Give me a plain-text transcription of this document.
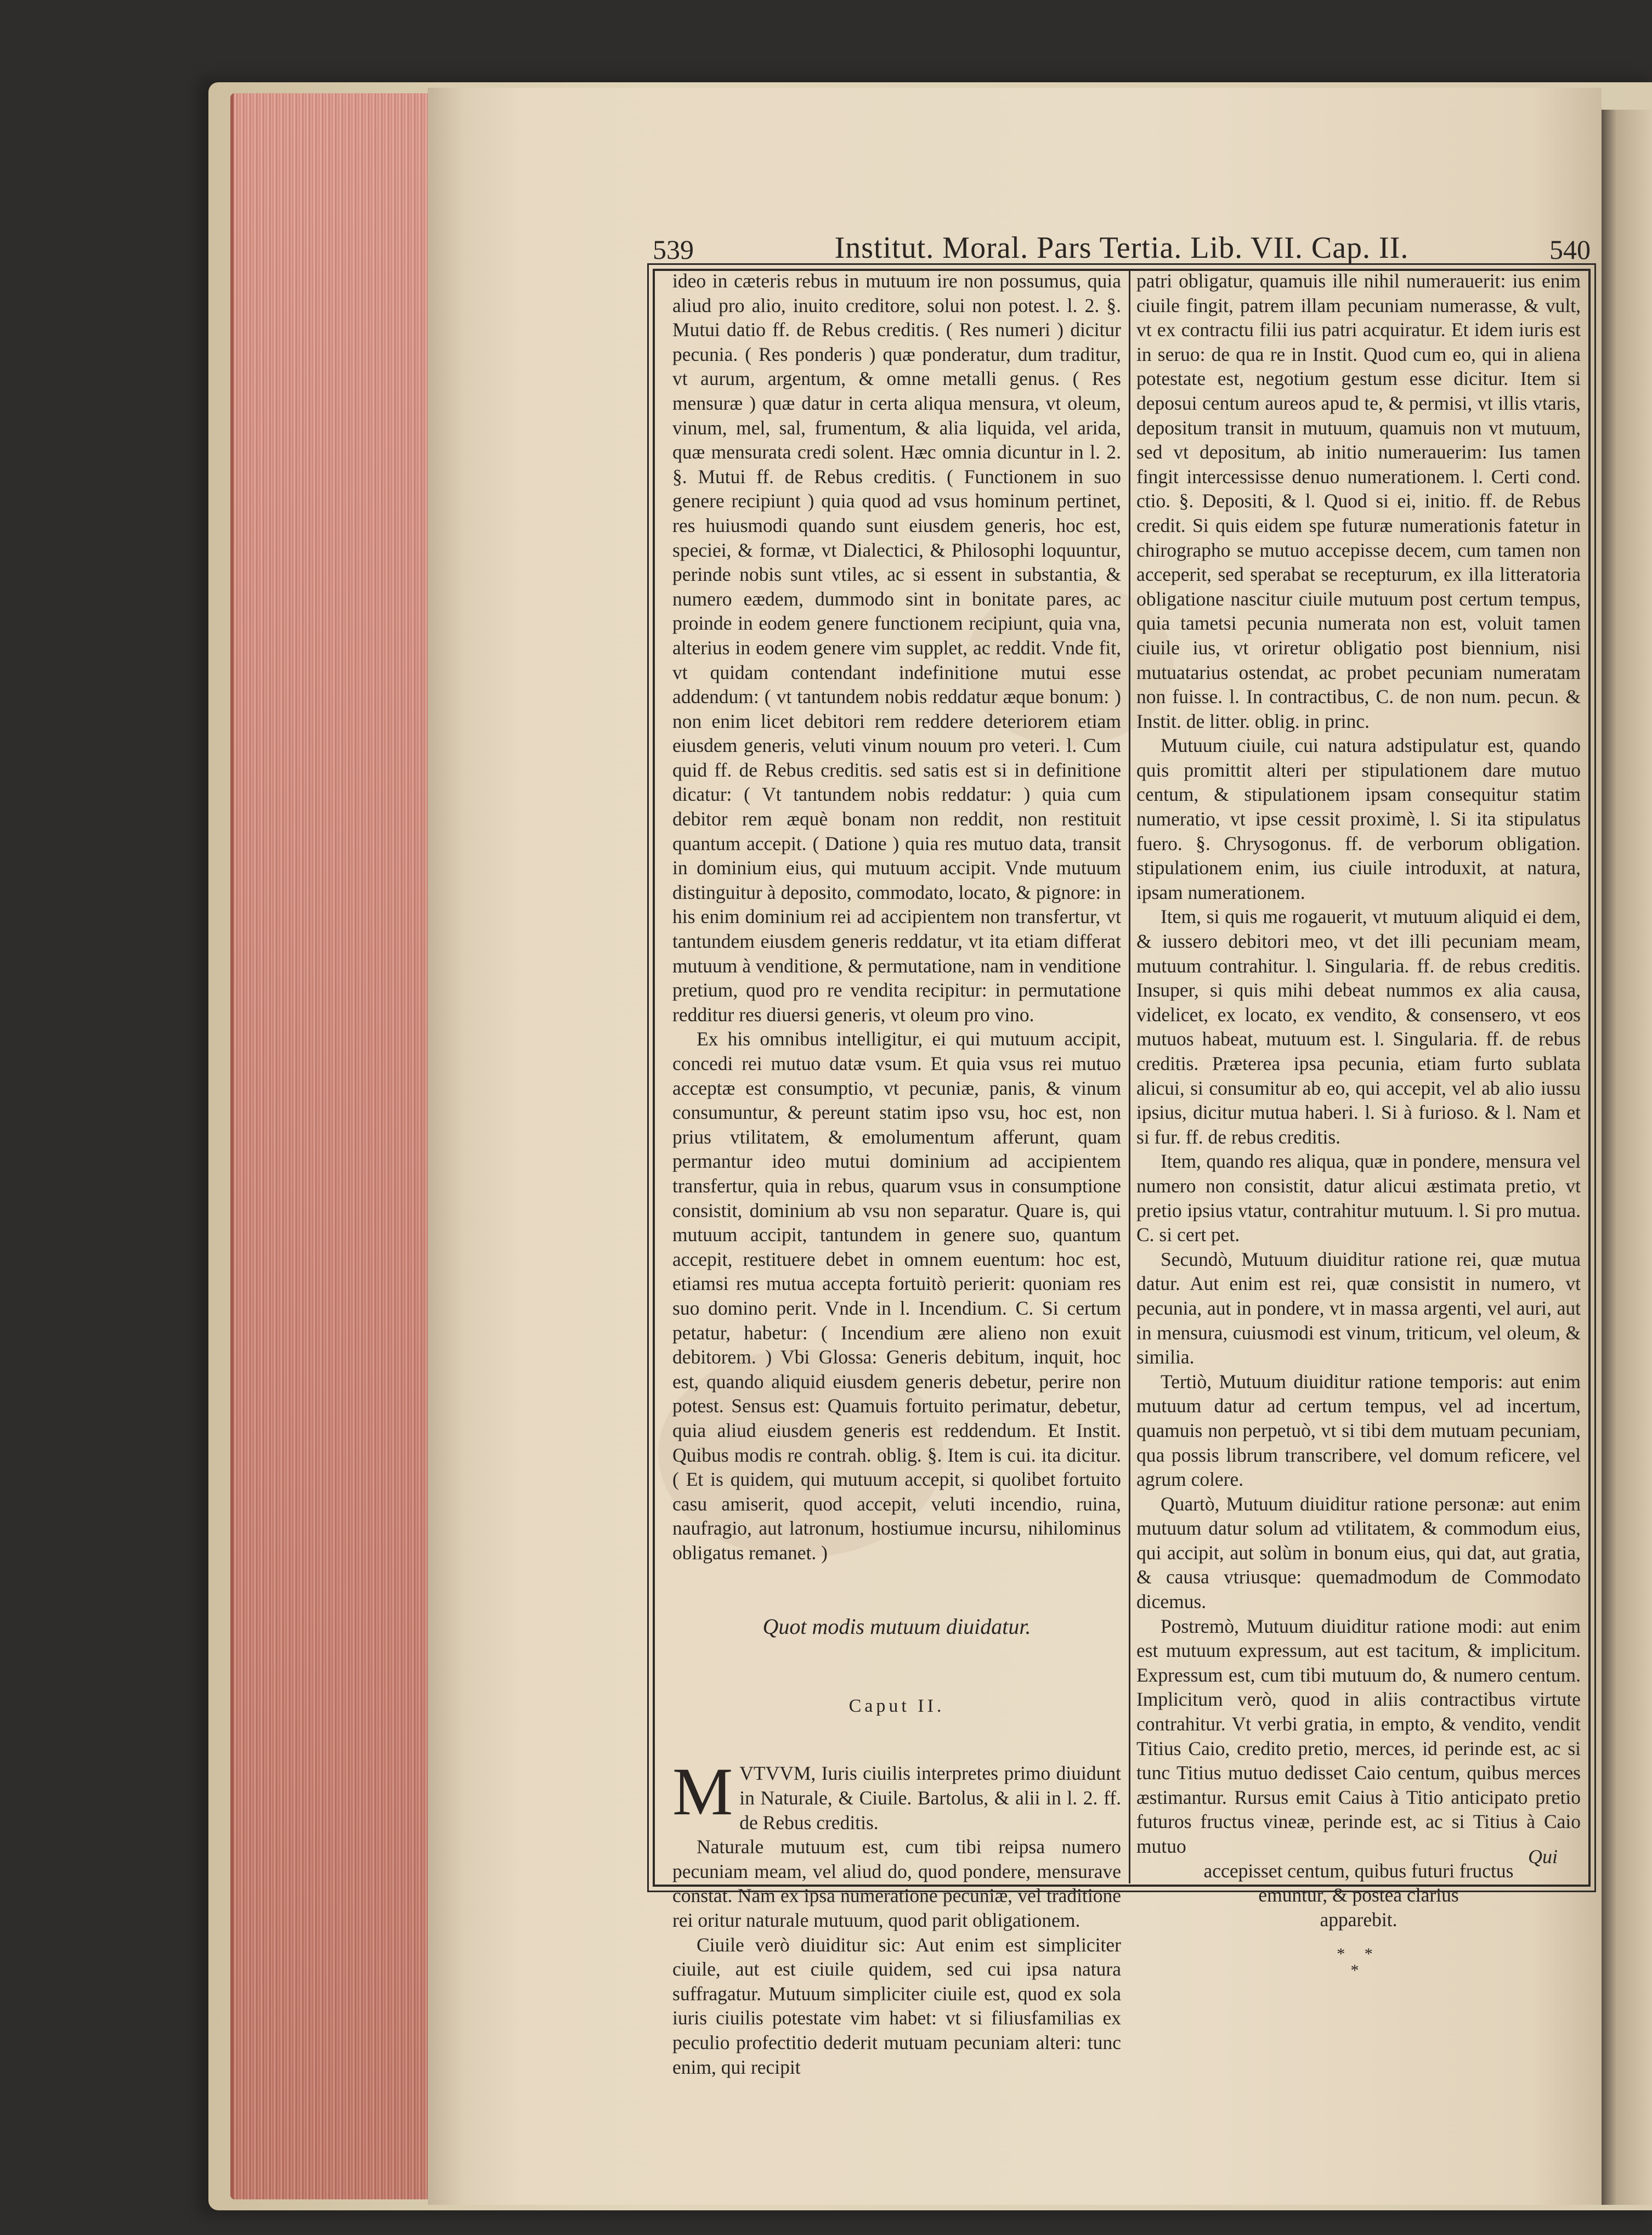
539	Institut. Moral. Pars Tertia. Lib. VII. Cap. II.	540

ideo in cæteris rebus in mutuum ire non possumus, quia aliud pro alio, inuito creditore, solui non potest. l. 2. §. Mutui datio ff. de Rebus creditis. ( Res numeri ) dicitur pecunia. ( Res ponderis ) quæ ponderatur, dum traditur, vt aurum, argentum, & omne metalli genus. ( Res mensuræ ) quæ datur in certa aliqua mensura, vt oleum, vinum, mel, sal, frumentum, & alia liquida, vel arida, quæ mensurata credi solent. Hæc omnia dicuntur in l. 2. §. Mutui ff. de Rebus creditis. ( Functionem in suo genere recipiunt ) quia quod ad vsus hominum pertinet, res huiusmodi quando sunt eiusdem generis, hoc est, speciei, & formæ, vt Dialectici, & Philosophi loquuntur, perinde nobis sunt vtiles, ac si essent in substantia, & numero eædem, dummodo sint in bonitate pares, ac proinde in eodem genere functionem recipiunt, quia vna, alterius in eodem genere vim supplet, ac reddit. Vnde fit, vt quidam contendant indefinitione mutui esse addendum: ( vt tantundem nobis reddatur æque bonum: ) non enim licet debitori rem reddere deteriorem etiam eiusdem generis, veluti vinum nouum pro veteri. l. Cum quid ff. de Rebus creditis. sed satis est si in definitione dicatur: ( Vt tantundem nobis reddatur: ) quia cum debitor rem æquè bonam non reddit, non restituit quantum accepit. ( Datione ) quia res mutuo data, transit in dominium eius, qui mutuum accipit. Vnde mutuum distinguitur à deposito, commodato, locato, & pignore: in his enim dominium rei ad accipientem non transfertur, vt tantundem eiusdem generis reddatur, vt ita etiam differat mutuum à venditione, & permutatione, nam in venditione pretium, quod pro re vendita recipitur: in permutatione redditur res diuersi generis, vt oleum pro vino.

Ex his omnibus intelligitur, ei qui mutuum accipit, concedi rei mutuo datæ vsum. Et quia vsus rei mutuo acceptæ est consumptio, vt pecuniæ, panis, & vinum consumuntur, & pereunt statim ipso vsu, hoc est, non prius vtilitatem, & emolumentum afferunt, quam permantur ideo mutui dominium ad accipientem transfertur, quia in rebus, quarum vsus in consumptione consistit, dominium ab vsu non separatur. Quare is, qui mutuum accipit, tantundem in genere suo, quantum accepit, restituere debet in omnem euentum: hoc est, etiamsi res mutua accepta fortuitò perierit: quoniam res suo domino perit. Vnde in l. Incendium. C. Si certum petatur, habetur: ( Incendium ære alieno non exuit debitorem. ) Vbi Glossa: Generis debitum, inquit, hoc est, quando aliquid eiusdem generis debetur, perire non potest. Sensus est: Quamuis fortuito perimatur, debetur, quia aliud eiusdem generis est reddendum. Et Instit. Quibus modis re contrah. oblig. §. Item is cui. ita dicitur. ( Et is quidem, qui mutuum accepit, si quolibet fortuito casu amiserit, quod accepit, veluti incendio, ruina, naufragio, aut latronum, hostiumue incursu, nihilominus obligatus remanet. )

Quot modis mutuum diuidatur.
Caput II.

M VTVVM, Iuris ciuilis interpretes primo diuidunt in Naturale, & Ciuile. Bartolus, & alii in l. 2. ff. de Rebus creditis.

Naturale mutuum est, cum tibi reipsa numero pecuniam meam, vel aliud do, quod pondere, mensurave constat. Nam ex ipsa numeratione pecuniæ, vel traditione rei oritur naturale mutuum, quod parit obligationem.

Ciuile verò diuiditur sic: Aut enim est simpliciter ciuile, aut est ciuile quidem, sed cui ipsa natura suffragatur. Mutuum simpliciter ciuile est, quod ex sola iuris ciuilis potestate vim habet: vt si filiusfamilias ex peculio profectitio dederit mutuam pecuniam alteri: tunc enim, qui recipit

patri obligatur, quamuis ille nihil numerauerit: ius enim ciuile fingit, patrem illam pecuniam numerasse, & vult, vt ex contractu filii ius patri acquiratur. Et idem iuris est in seruo: de qua re in Instit. Quod cum eo, qui in aliena potestate est, negotium gestum esse dicitur. Item si deposui centum aureos apud te, & permisi, vt illis vtaris, depositum transit in mutuum, quamuis non vt mutuum, sed vt depositum, ab initio numerauerim: Ius tamen fingit intercessisse denuo numerationem. l. Certi cond. ctio. §. Depositi, & l. Quod si ei, initio. ff. de Rebus credit. Si quis eidem spe futuræ numerationis fatetur in chirographo se mutuo accepisse decem, cum tamen non acceperit, sed sperabat se recepturum, ex illa litteratoria obligatione nascitur ciuile mutuum post certum tempus, quia tametsi pecunia numerata non est, voluit tamen ciuile ius, vt oriretur obligatio post biennium, nisi mutuatarius ostendat, ac probet pecuniam numeratam non fuisse. l. In contractibus, C. de non num. pecun. & Instit. de litter. oblig. in princ.

Mutuum ciuile, cui natura adstipulatur est, quando quis promittit alteri per stipulationem dare mutuo centum, & stipulationem ipsam consequitur statim numeratio, vt ipse cessit proximè, l. Si ita stipulatus fuero. §. Chrysogonus. ff. de verborum obligation. stipulationem enim, ius ciuile introduxit, at natura, ipsam numerationem.

Item, si quis me rogauerit, vt mutuum aliquid ei dem, & iussero debitori meo, vt det illi pecuniam meam, mutuum contrahitur. l. Singularia. ff. de rebus creditis. Insuper, si quis mihi debeat nummos ex alia causa, videlicet, ex locato, ex vendito, & consensero, vt eos mutuos habeat, mutuum est. l. Singularia. ff. de rebus creditis. Præterea ipsa pecunia, etiam furto sublata alicui, si consumitur ab eo, qui accepit, vel ab alio iussu ipsius, dicitur mutua haberi. l. Si à furioso. & l. Nam et si fur. ff. de rebus creditis.

Item, quando res aliqua, quæ in pondere, mensura vel numero non consistit, datur alicui æstimata pretio, vt pretio ipsius vtatur, contrahitur mutuum. l. Si pro mutua. C. si cert pet.

Secundò, Mutuum diuiditur ratione rei, quæ mutua datur. Aut enim est rei, quæ consistit in numero, vt pecunia, aut in pondere, vt in massa argenti, vel auri, aut in mensura, cuiusmodi est vinum, triticum, vel oleum, & similia.

Tertiò, Mutuum diuiditur ratione temporis: aut enim mutuum datur ad certum tempus, vel ad incertum, quamuis non perpetuò, vt si tibi dem mutuam pecuniam, qua possis librum transcribere, vel domum reficere, vel agrum colere.

Quartò, Mutuum diuiditur ratione personæ: aut enim mutuum datur solum ad vtilitatem, & commodum eius, qui accipit, aut solùm in bonum eius, qui dat, aut gratia, & causa vtriusque: quemadmodum de Commodato dicemus.

Postremò, Mutuum diuiditur ratione modi: aut enim est mutuum expressum, aut est tacitum, & implicitum. Expressum est, cum tibi mutuum do, & numero centum. Implicitum verò, quod in aliis contractibus virtute contrahitur. Vt verbi gratia, in empto, & vendito, vendit Titius Caio, credito pretio, merces, id perinde est, ac si tunc Titius mutuo dedisset Caio centum, quibus merces æstimantur. Rursus emit Caius à Titio anticipato pretio futuros fructus vineæ, perinde est, ac si Titius à Caio mutuo

accepisset centum, quibus futuri fructus

emuntur, & postea clarius

apparebit.

* *
*
Qui
